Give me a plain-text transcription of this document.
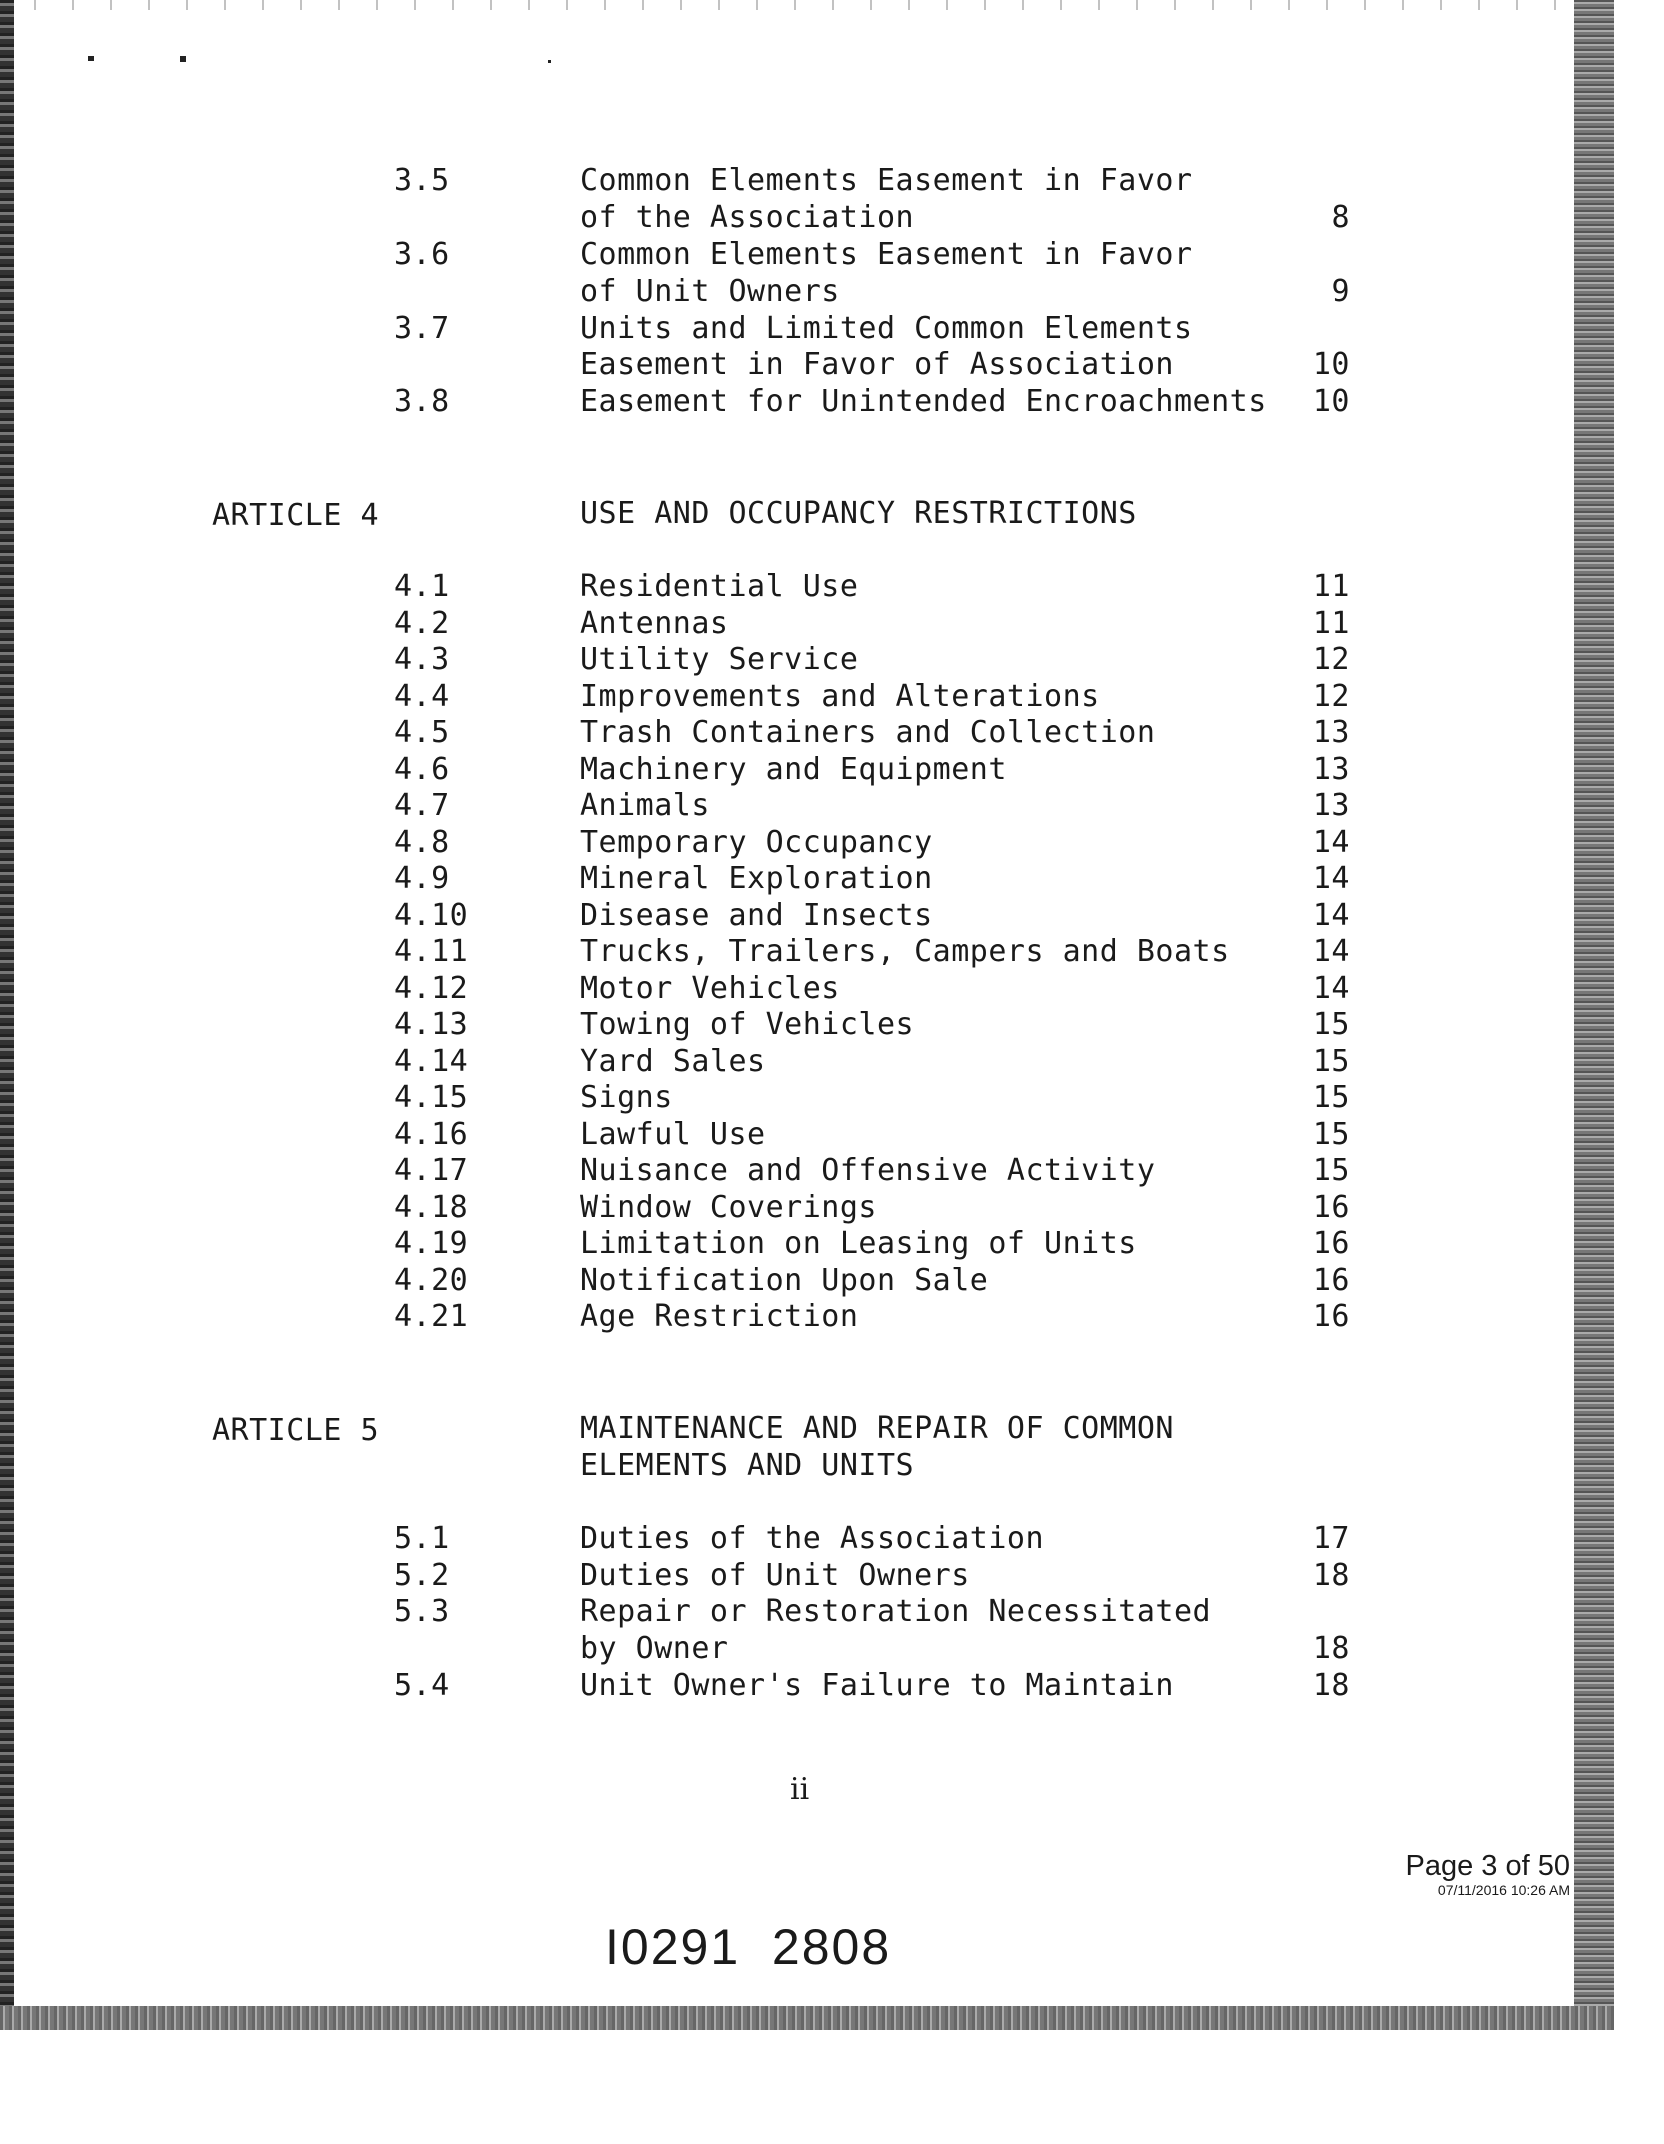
3.5	Common Elements Easement in Favor
of the Association	8
3.6	Common Elements Easement in Favor
of Unit Owners	9
3.7	Units and Limited Common Elements
Easement in Favor of Association	10
3.8	Easement for Unintended Encroachments	10
ARTICLE 4	USE AND OCCUPANCY RESTRICTIONS
4.1	Residential Use	11
4.2	Antennas	11
4.3	Utility Service	12
4.4	Improvements and Alterations	12
4.5	Trash Containers and Collection	13
4.6	Machinery and Equipment	13
4.7	Animals	13
4.8	Temporary Occupancy	14
4.9	Mineral Exploration	14
4.10	Disease and Insects	14
4.11	Trucks, Trailers, Campers and Boats	14
4.12	Motor Vehicles	14
4.13	Towing of Vehicles	15
4.14	Yard Sales	15
4.15	Signs	15
4.16	Lawful Use	15
4.17	Nuisance and Offensive Activity	15
4.18	Window Coverings	16
4.19	Limitation on Leasing of Units	16
4.20	Notification Upon Sale	16
4.21	Age Restriction	16
ARTICLE 5	MAINTENANCE AND REPAIR OF COMMON
ELEMENTS AND UNITS
5.1	Duties of the Association	17
5.2	Duties of Unit Owners	18
5.3	Repair or Restoration Necessitated
by Owner	18
5.4	Unit Owner's Failure to Maintain	18
ii
Page 3 of 50
07/11/2016 10:26 AM
I0291  2808
